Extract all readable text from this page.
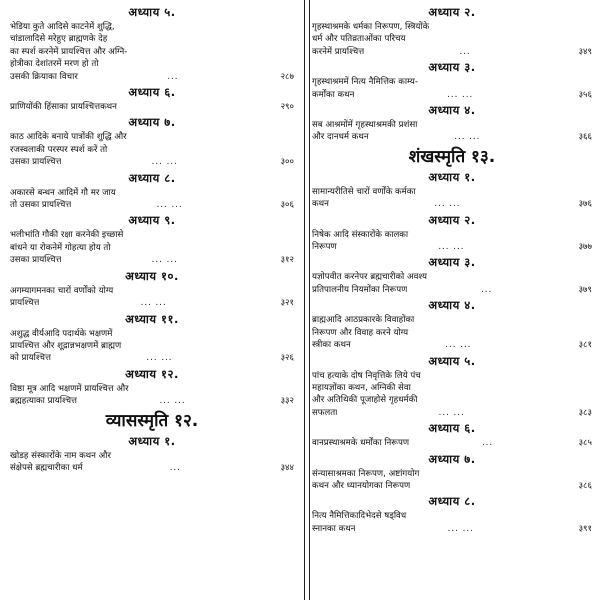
अध्याय ५.
भेडिया कुते आदिसे काटनेमें शुद्धि,
चांडालादिसे मरेहुए ब्राह्मणके देह
का स्पर्श करनेमें प्रायश्चित्त और अग्नि-
होत्रीका देशांतरमें मरण हो तो
उसकी क्रियाका विचार	...	२८७
अध्याय ६.
प्राणियोंकी हिंसाका प्रायश्चित्तकथन	२९०
अध्याय ७.
काठ आदिके बनाये पात्रोंकी शुद्धि और
रजस्वलाकी परस्पर स्पर्श करें तो
उसका प्रायश्चित्त	... ...	३००
अध्याय ८.
अकारसे बन्धन आदिमें गौ मर जाय
तो उसका प्रायश्चित्त	... ...	३०६
अध्याय ९.
भलीभांति गौकी रक्षा करनेकी इच्छासे
बांधने या रोकनेमें गोहत्या होय तो
उसका प्रायश्चित्त	... ...	३१२
अध्याय १०.
अगम्यागमनका चारों वर्णोंको योग्य
प्रायश्चित्त	... ...	३२१
अध्याय ११.
अशुद्ध वीर्यआदि पदार्थके भक्षणमें
प्रायश्चित्त और शूद्रान्नभक्षणमें ब्राह्मण
को प्रायश्चित्त	... ...	३२६
अध्याय १२.
विष्ठा मूत्र आदि भक्षणमें प्रायश्चित्त और
ब्रह्महत्याका प्रायश्चित्त	... ...	३३२
व्यासस्मृति १२.
अध्याय १.
खोडह संस्कारोंके नाम कथन और
संक्षेपसे ब्रह्मचारीका धर्म	...	३४४
अध्याय २.
गृहस्थाश्रमके धर्मका निरूपण, स्त्रियोंके
धर्म और पतिव्रताओंका परिचय
करनेमें प्रायश्चित्त	...	३४९
अध्याय ३.
गृहस्थाश्रममें नित्य नैमित्तिक काम्य-
कर्मोंका कथन	... ...	३५६
अध्याय ४.
सब आश्रमोंमें गृहस्थाश्रमकी प्रशंसा
और दानधर्म कथन	... ...	३६६
शंखस्मृति १३.
अध्याय १.
सामान्यरीतिसे चारों वर्णोंके कर्मका
कथन	... ...	३७६
अध्याय २.
निषेक आदि संस्कारोंके कालका
निरूपण	... ...	३७७
अध्याय ३.
यज्ञोपवीत करनेपर ब्रह्मचारीको अवश्य
प्रतिपालनीय नियमोंका निरूपण	...	३७९
अध्याय ४.
ब्राह्मआदि आठप्रकारके विवाहोंका
निरूपण और विवाह करने योग्य
स्त्रीका कथन	... ...	३८१
अध्याय ५.
पांच हत्याके दोष निवृत्तिके लिये पंच
महायज्ञोंका कथन, अग्निकी सेवा
और अतिथिकी पूजाहोसे गृहधर्मकी
सफलता	... ...	३८३
अध्याय ६.
वानप्रस्थाश्रमके धर्मोंका निरूपण	...	३८५
अध्याय ७.
संन्यासाश्रमका निरूपण, अष्टांगयोग
कथन और ध्यानयोगका निरूपण	३८६
अध्याय ८.
नित्य नैमित्तिकादिभेदसे षड्विध
स्नानका कथन	... ...	३९१
